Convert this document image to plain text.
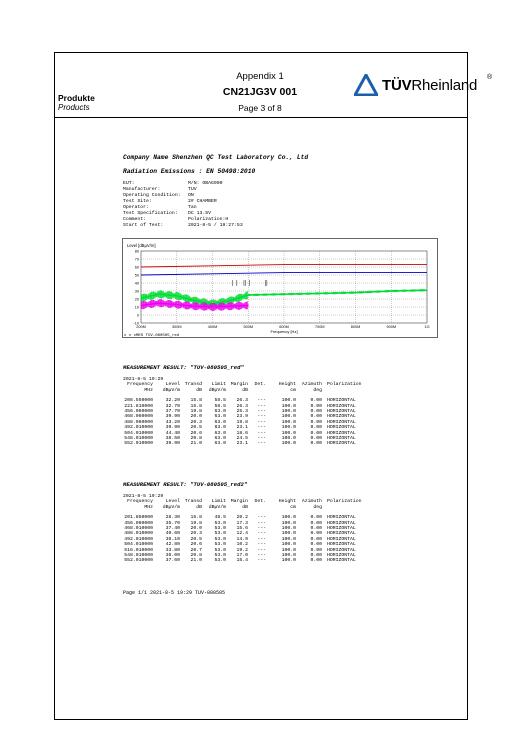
Appendix 1
CN21JG3V 001
Page 3 of 8
Produkte
Products
TÜVRheinland ®
Company Name Shenzhen QC Test Laboratory Co., Ltd
Radiation Emissions : EN 50498:2010
EUT:	M/N: OBAG900
Manufacturer:	TUV
Operating Condition:	ON
Test Site:	2# CHAMBER
Operator:	Tan
Test Specification:	DC 13.5V
Comment:	Polarization:H
Start of Test:	2021-8-5 / 19:27:53
Level [dBµV/m]
80
70
60
50
40
30
20
10
0
-10
200M	300M	400M	500M	600M	700M	800M	900M	1G
Frequency [Hz]
x x xMES TUV-080505_red
MEASUREMENT RESULT: "TUV-080505_red"
2021-8-5 19:29
Frequency	Level Transd	Limit Margin	Det.	Height	Azimuth	Polarization
MHz	dBµV/m	dB	dBµV/m	dB	cm	deg
208.550000	32.20	15.8	58.5	26.3	---	100.0	0.00	HORIZONTAL
221.810000	32.70	15.8	58.5	26.3	---	100.0	0.00	HORIZONTAL
456.060000	37.70	19.8	63.0	25.3	---	100.0	0.00	HORIZONTAL
468.060000	39.90	20.0	63.0	23.9	---	100.0	0.00	HORIZONTAL
488.060000	43.20	20.3	63.0	19.8	---	100.0	0.00	HORIZONTAL
492.010000	39.90	20.5	63.0	23.1	---	100.0	0.00	HORIZONTAL
504.010000	44.40	20.6	63.0	18.6	---	100.0	0.00	HORIZONTAL
548.010000	38.50	20.8	63.0	24.5	---	100.0	0.00	HORIZONTAL
552.010000	39.90	21.0	63.0	23.1	---	100.0	0.00	HORIZONTAL
MEASUREMENT RESULT: "TUV-080505_red2"
2021-8-5 19:29
Frequency	Level Transd	Limit Margin	Det.	Height	Azimuth	Polarization
MHz	dBµV/m	dB	dBµV/m	dB	cm	deg
201.850000	28.30	15.8	48.5	20.2	---	100.0	0.00	HORIZONTAL
456.060000	35.70	19.8	53.0	17.3	---	100.0	0.00	HORIZONTAL
468.010000	37.40	20.0	53.0	15.6	---	100.0	0.00	HORIZONTAL
488.010000	40.60	20.3	53.0	12.4	---	100.0	0.00	HORIZONTAL
492.010000	38.10	20.5	53.0	14.9	---	100.0	0.00	HORIZONTAL
504.010000	42.80	20.6	53.0	10.2	---	100.0	0.00	HORIZONTAL
516.010000	33.80	20.7	53.0	19.2	---	100.0	0.00	HORIZONTAL
548.010000	36.00	20.8	53.0	17.0	---	100.0	0.00	HORIZONTAL
552.010000	37.60	21.0	53.0	15.4	---	100.0	0.00	HORIZONTAL
Page 1/1 2021-8-5 19:29 TUV-080505
